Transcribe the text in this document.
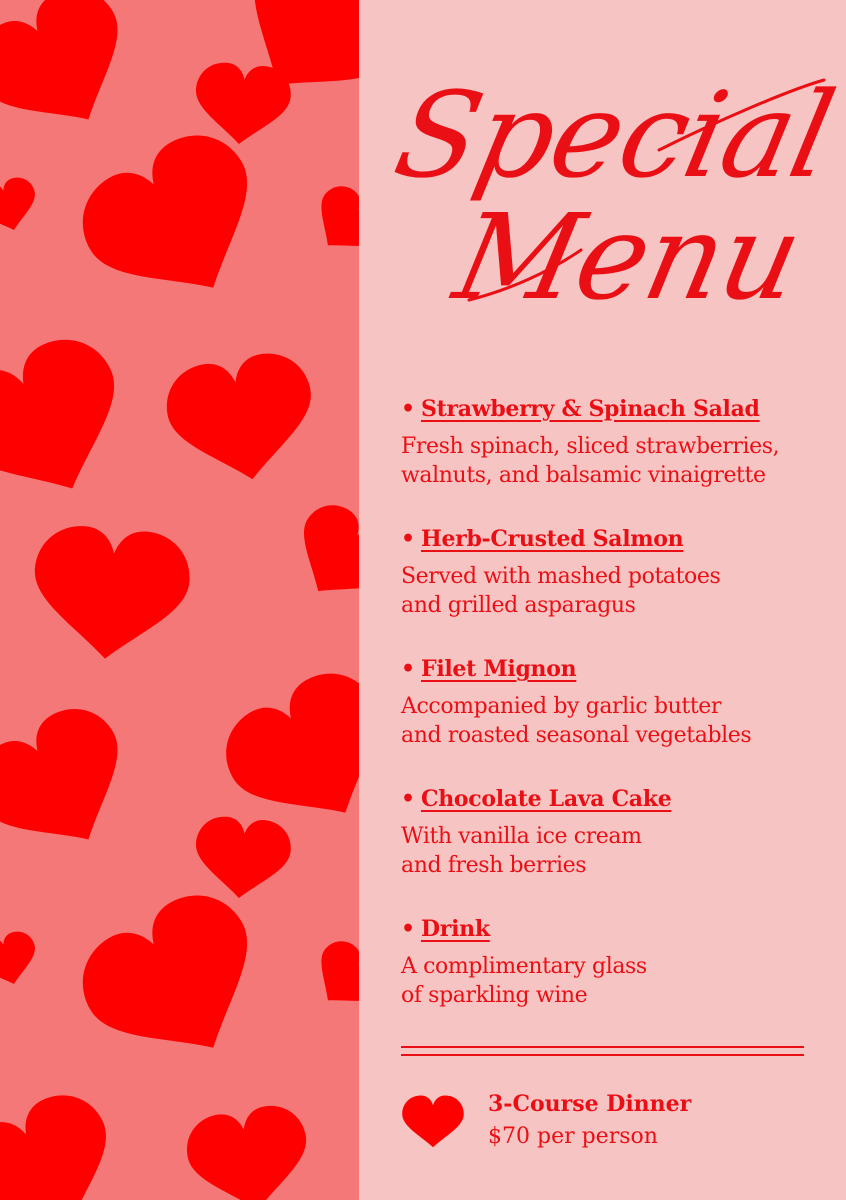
Special
Menu
• Strawberry & Spinach Salad
Fresh spinach, sliced strawberries,
walnuts, and balsamic vinaigrette
• Herb-Crusted Salmon
Served with mashed potatoes
and grilled asparagus
• Filet Mignon
Accompanied by garlic butter
and roasted seasonal vegetables
• Chocolate Lava Cake
With vanilla ice cream
and fresh berries
• Drink
A complimentary glass
of sparkling wine
3-Course Dinner
$70 per person
